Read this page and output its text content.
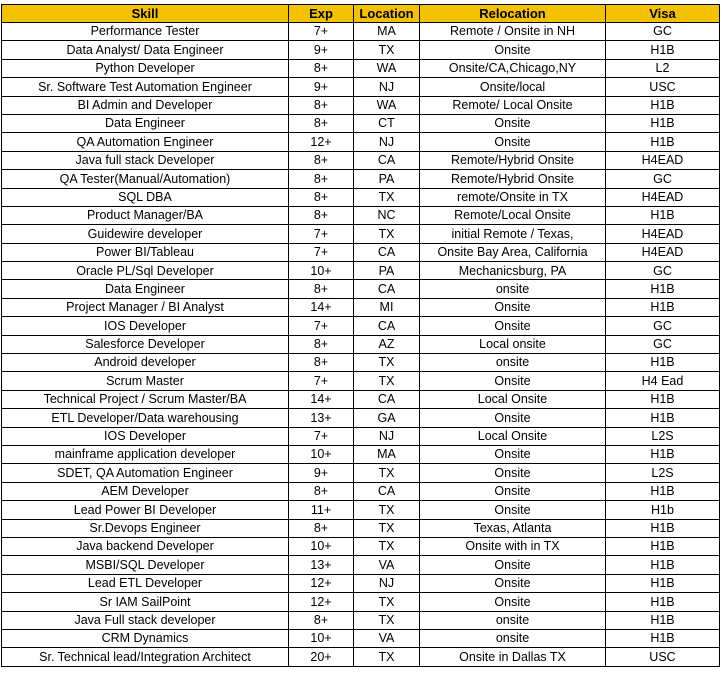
Skill	Exp	Location	Relocation	Visa
Performance Tester	7+	MA	Remote / Onsite in NH	GC
Data Analyst/ Data Engineer	9+	TX	Onsite	H1B
Python Developer	8+	WA	Onsite/CA,Chicago,NY	L2
Sr. Software Test Automation Engineer	9+	NJ	Onsite/local	USC
BI Admin and Developer	8+	WA	Remote/ Local Onsite	H1B
Data Engineer	8+	CT	Onsite	H1B
QA Automation Engineer	12+	NJ	Onsite	H1B
Java full stack Developer	8+	CA	Remote/Hybrid Onsite	H4EAD
QA Tester(Manual/Automation)	8+	PA	Remote/Hybrid Onsite	GC
SQL DBA	8+	TX	remote/Onsite in TX	H4EAD
Product Manager/BA	8+	NC	Remote/Local Onsite	H1B
Guidewire developer	7+	TX	initial Remote / Texas,	H4EAD
Power BI/Tableau	7+	CA	Onsite Bay Area, California	H4EAD
Oracle PL/Sql Developer	10+	PA	Mechanicsburg, PA	GC
Data Engineer	8+	CA	onsite	H1B
Project Manager / BI Analyst	14+	MI	Onsite	H1B
IOS Developer	7+	CA	Onsite	GC
Salesforce Developer	8+	AZ	Local onsite	GC
Android developer	8+	TX	onsite	H1B
Scrum Master	7+	TX	Onsite	H4 Ead
Technical Project / Scrum Master/BA	14+	CA	Local Onsite	H1B
ETL Developer/Data warehousing	13+	GA	Onsite	H1B
IOS Developer	7+	NJ	Local Onsite	L2S
mainframe application developer	10+	MA	Onsite	H1B
SDET, QA Automation Engineer	9+	TX	Onsite	L2S
AEM Developer	8+	CA	Onsite	H1B
Lead Power BI Developer	11+	TX	Onsite	H1b
Sr.Devops Engineer	8+	TX	Texas, Atlanta	H1B
Java backend Developer	10+	TX	Onsite with in TX	H1B
MSBI/SQL Developer	13+	VA	Onsite	H1B
Lead ETL Developer	12+	NJ	Onsite	H1B
Sr IAM SailPoint	12+	TX	Onsite	H1B
Java Full stack developer	8+	TX	onsite	H1B
CRM Dynamics	10+	VA	onsite	H1B
Sr. Technical lead/Integration Architect	20+	TX	Onsite in Dallas TX	USC
